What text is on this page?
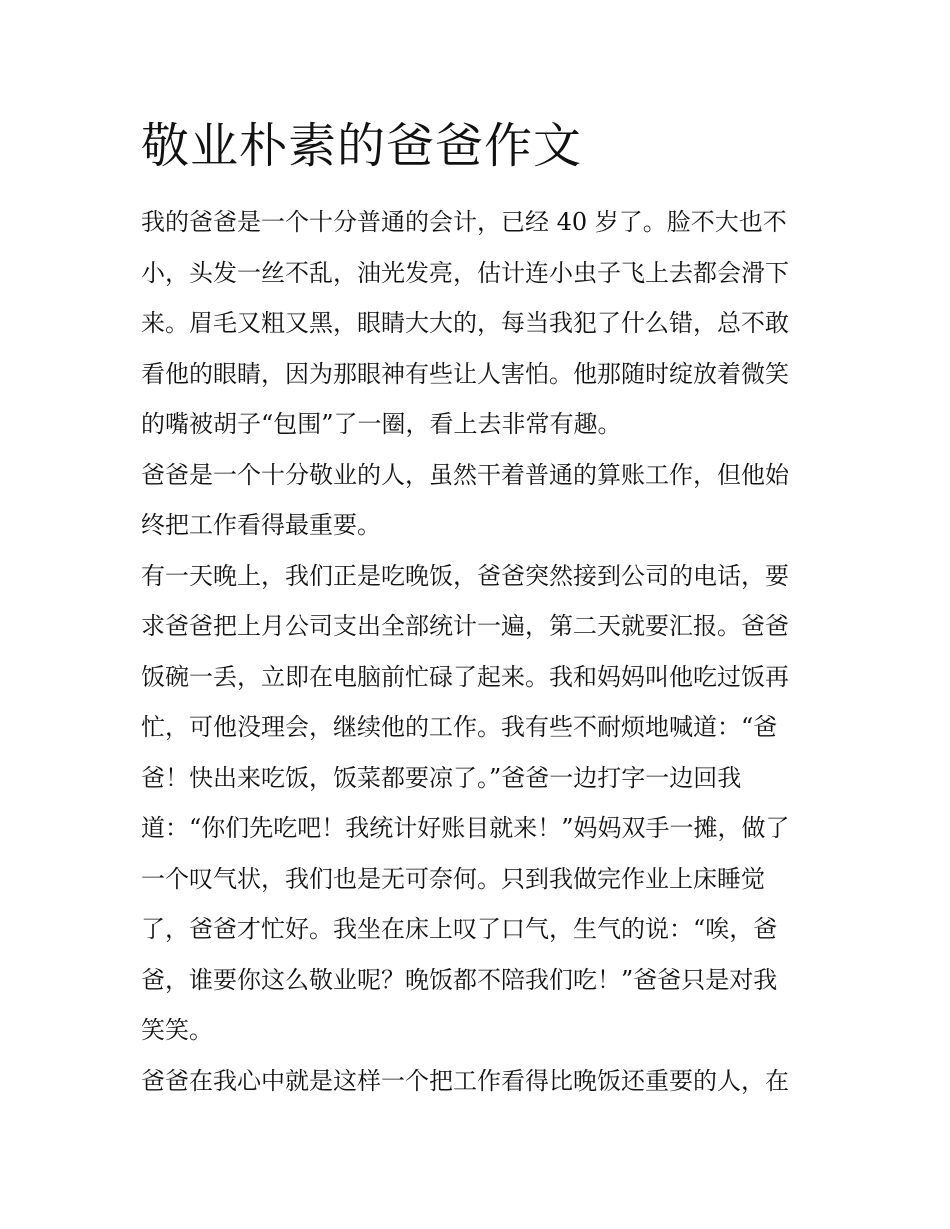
敬业朴素的爸爸作文

我的爸爸是一个十分普通的会计，已经 40 岁了。脸不大也不
小，头发一丝不乱，油光发亮，估计连小虫子飞上去都会滑下
来。眉毛又粗又黑，眼睛大大的，每当我犯了什么错，总不敢
看他的眼睛，因为那眼神有些让人害怕。他那随时绽放着微笑
的嘴被胡子“包围”了一圈，看上去非常有趣。

爸爸是一个十分敬业的人，虽然干着普通的算账工作，但他始
终把工作看得最重要。

有一天晚上，我们正是吃晚饭，爸爸突然接到公司的电话，要
求爸爸把上月公司支出全部统计一遍，第二天就要汇报。爸爸
饭碗一丢，立即在电脑前忙碌了起来。我和妈妈叫他吃过饭再
忙，可他没理会，继续他的工作。我有些不耐烦地喊道：“爸
爸！快出来吃饭，饭菜都要凉了。”爸爸一边打字一边回我
道：“你们先吃吧！我统计好账目就来！”妈妈双手一摊，做了
一个叹气状，我们也是无可奈何。只到我做完作业上床睡觉
了，爸爸才忙好。我坐在床上叹了口气，生气的说：“唉，爸
爸，谁要你这么敬业呢？晚饭都不陪我们吃！”爸爸只是对我
笑笑。

爸爸在我心中就是这样一个把工作看得比晚饭还重要的人，在
